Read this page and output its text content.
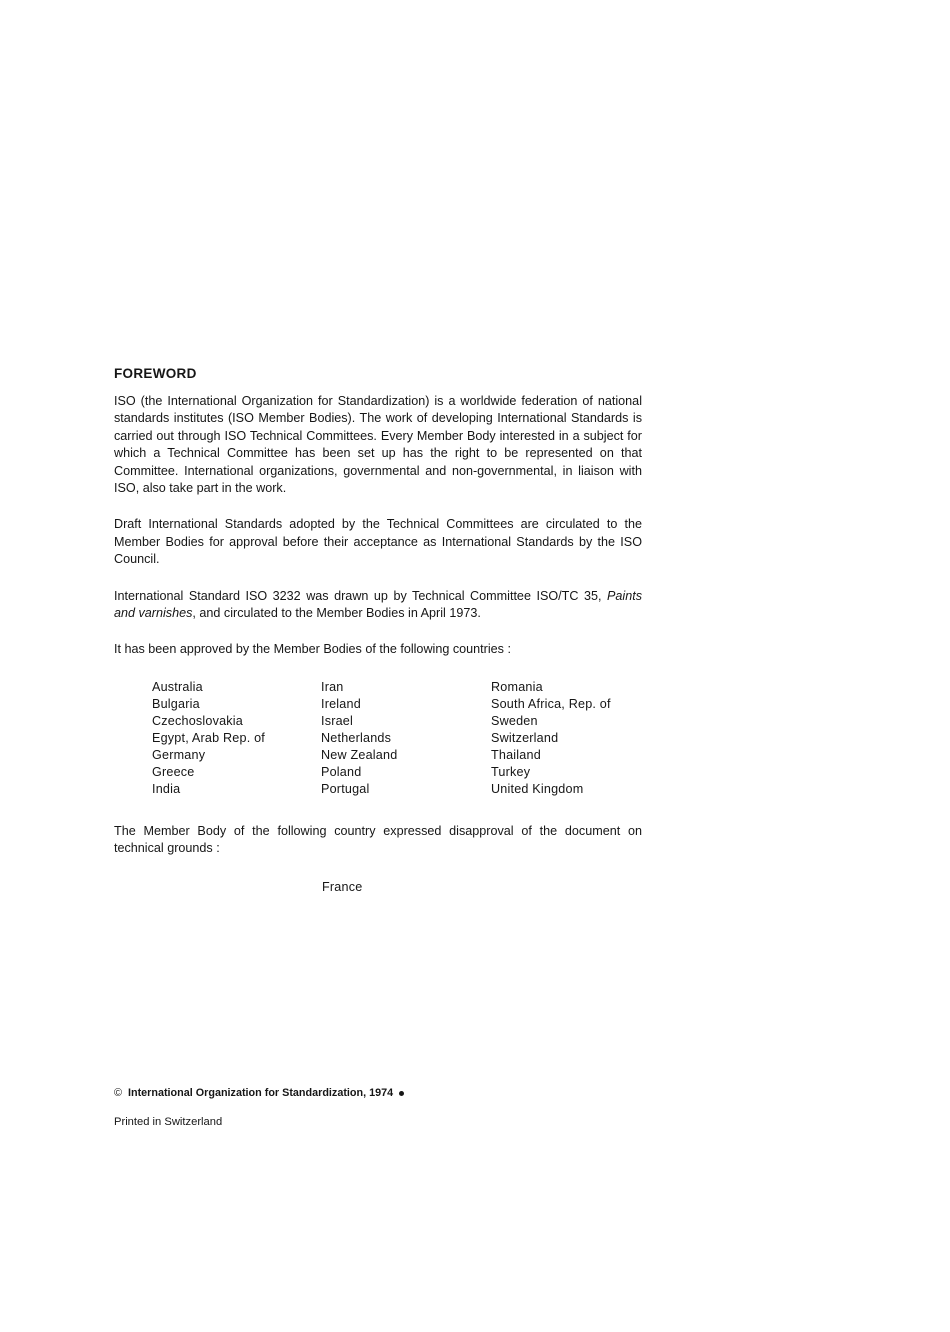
FOREWORD

ISO (the International Organization for Standardization) is a worldwide federation of national standards institutes (ISO Member Bodies). The work of developing International Standards is carried out through ISO Technical Committees. Every Member Body interested in a subject for which a Technical Committee has been set up has the right to be represented on that Committee. International organizations, governmental and non-governmental, in liaison with ISO, also take part in the work.

Draft International Standards adopted by the Technical Committees are circulated to the Member Bodies for approval before their acceptance as International Standards by the ISO Council.

International Standard ISO 3232 was drawn up by Technical Committee ISO/TC 35, Paints and varnishes, and circulated to the Member Bodies in April 1973.

It has been approved by the Member Bodies of the following countries :

Australia
Bulgaria
Czechoslovakia
Egypt, Arab Rep. of
Germany
Greece
India
Iran
Ireland
Israel
Netherlands
New Zealand
Poland
Portugal
Romania
South Africa, Rep. of
Sweden
Switzerland
Thailand
Turkey
United Kingdom

The Member Body of the following country expressed disapproval of the document on technical grounds :

France
© International Organization for Standardization, 1974
Printed in Switzerland
